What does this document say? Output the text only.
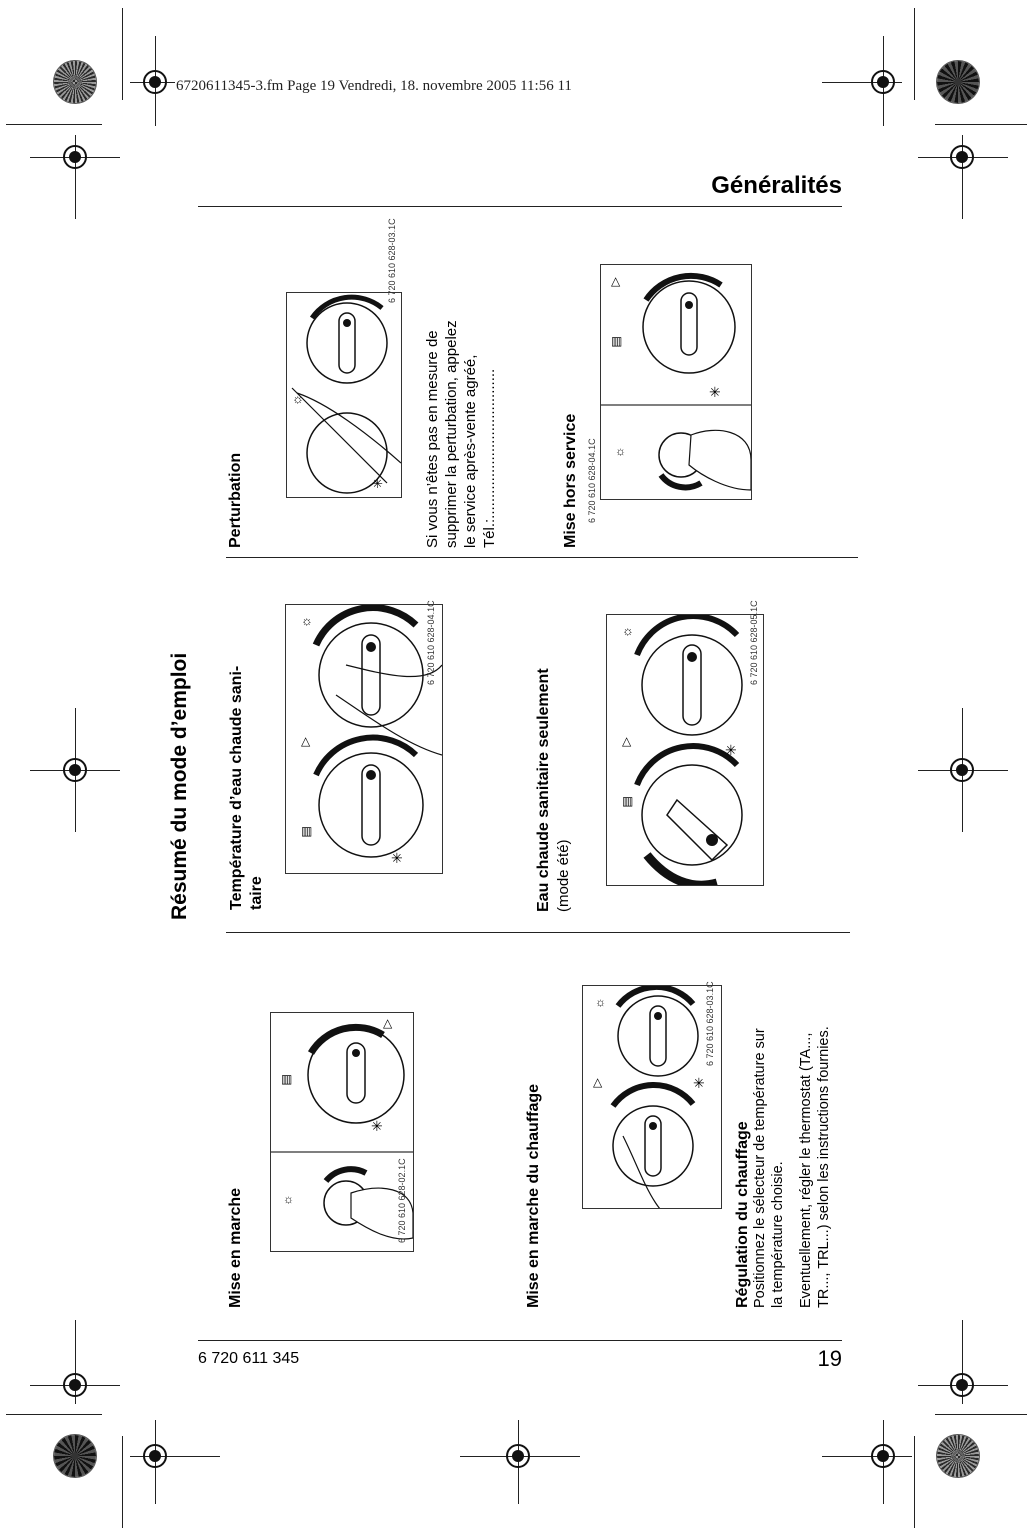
6720611345-3.fm Page 19 Vendredi, 18. novembre 2005 11:56 11
Généralités
Résumé du mode d’emploi
Mise en marche
△
▥
✳
☼	6 720 610 628-02.1C	Mise en marche du chauffage
☼
△	✳
6 720 610 628-03.1C
Régulation du chauffage Positionnez le sélecteur de température sur la température choisie. Eventuellement, régler le thermostat (TA..., TR..., TRL...) selon les instructions fournies.
Température d’eau chaude sani- taire
☼
△
▥
✳
6 720 610 628-04.1C
Eau chaude sanitaire seulement (mode été)
☼
△
▥
✳
6 720 610 628-05.1C
Perturbation
☼
✳
6 720 610 628-03.1C
Si vous n’êtes pas en mesure de supprimer la perturbation, appelez le service après-vente agréé, Tél.:....................................	Mise hors service
△
▥
✳
☼
6 720 610 628-04.1C
6 720 611 345	19
